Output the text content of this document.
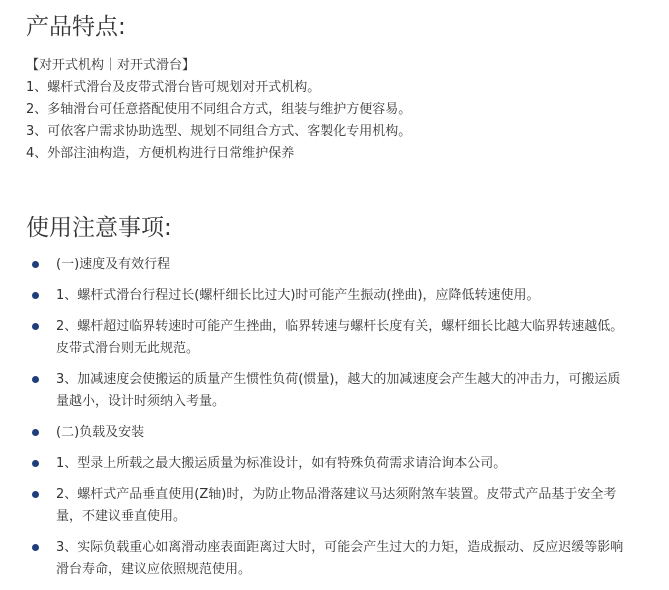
产品特点:
【对开式机构｜对开式滑台】
1、螺杆式滑台及皮带式滑台皆可规划对开式机构。
2、多轴滑台可任意搭配使用不同组合方式，组装与维护方便容易。
3、可依客户需求协助选型、规划不同组合方式、客製化专用机构。
4、外部注油构造，方便机构进行日常维护保养
使用注意事项:
(一)速度及有效行程
1、螺杆式滑台行程过长(螺杆细长比过大)时可能产生振动(挫曲)，应降低转速使用。
2、螺杆超过临界转速时可能产生挫曲，临界转速与螺杆长度有关，螺杆细长比越大临界转速越低。皮带式滑台则无此规范。
3、加减速度会使搬运的质量产生惯性负荷(惯量)，越大的加减速度会产生越大的冲击力，可搬运质量越小，设计时须纳入考量。
(二)负载及安装
1、型录上所载之最大搬运质量为标准设计，如有特殊负荷需求请洽询本公司。
2、螺杆式产品垂直使用(Z轴)时，为防止物品滑落建议马达须附煞车装置。皮带式产品基于安全考量，不建议垂直使用。
3、实际负载重心如离滑动座表面距离过大时，可能会产生过大的力矩，造成振动、反应迟缓等影响滑台寿命，建议应依照规范使用。
